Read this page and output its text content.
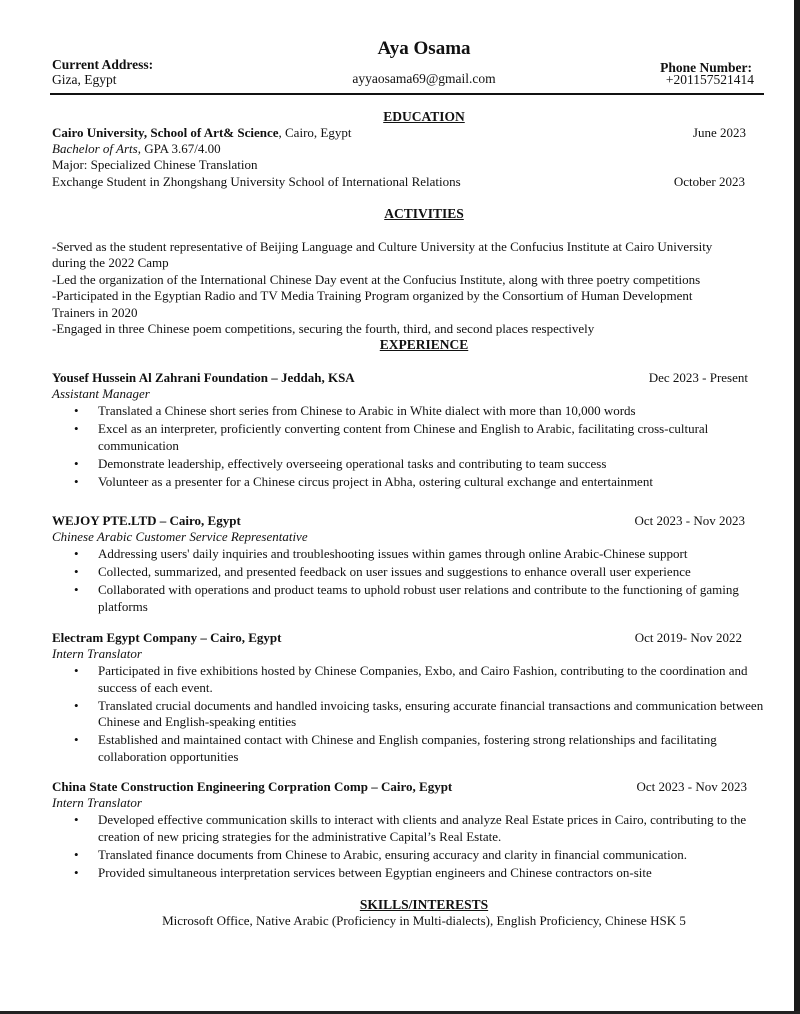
Aya Osama
Current Address:
Giza, Egypt	ayyaosama69@gmail.com
Phone Number:
+201157521414
EDUCATION
Cairo University, School of Art& Science, Cairo, Egypt	June 2023
Bachelor of Arts, GPA 3.67/4.00
Major: Specialized Chinese Translation
Exchange Student in Zhongshang University School of International Relations	October 2023
ACTIVITIES
-Served as the student representative of Beijing Language and Culture University at the Confucius Institute at Cairo University
during the 2022 Camp
-Led the organization of the International Chinese Day event at the Confucius Institute, along with three poetry competitions
-Participated in the Egyptian Radio and TV Media Training Program organized by the Consortium of Human Development
Trainers in 2020
-Engaged in three Chinese poem competitions, securing the fourth, third, and second places respectively
EXPERIENCE
Yousef Hussein Al Zahrani Foundation – Jeddah, KSA	Dec 2023 - Present
Assistant Manager
• Translated a Chinese short series from Chinese to Arabic in White dialect with more than 10,000 words
• Excel as an interpreter, proficiently converting content from Chinese and English to Arabic, facilitating cross-cultural communication
• Demonstrate leadership, effectively overseeing operational tasks and contributing to team success
• Volunteer as a presenter for a Chinese circus project in Abha, ostering cultural exchange and entertainment
WEJOY PTE.LTD – Cairo, Egypt	Oct 2023 - Nov 2023
Chinese Arabic Customer Service Representative
• Addressing users' daily inquiries and troubleshooting issues within games through online Arabic-Chinese support
• Collected, summarized, and presented feedback on user issues and suggestions to enhance overall user experience
• Collaborated with operations and product teams to uphold robust user relations and contribute to the functioning of gaming platforms
Electram Egypt Company – Cairo, Egypt	Oct 2019- Nov 2022
Intern Translator
• Participated in five exhibitions hosted by Chinese Companies, Exbo, and Cairo Fashion, contributing to the coordination and success of each event.
• Translated crucial documents and handled invoicing tasks, ensuring accurate financial transactions and communication between Chinese and English-speaking entities
• Established and maintained contact with Chinese and English companies, fostering strong relationships and facilitating collaboration opportunities
China State Construction Engineering Corpration Comp – Cairo, Egypt	Oct 2023 - Nov 2023
Intern Translator
• Developed effective communication skills to interact with clients and analyze Real Estate prices in Cairo, contributing to the creation of new pricing strategies for the administrative Capital’s Real Estate.
• Translated finance documents from Chinese to Arabic, ensuring accuracy and clarity in financial communication.
• Provided simultaneous interpretation services between Egyptian engineers and Chinese contractors on-site
SKILLS/INTERESTS
Microsoft Office, Native Arabic (Proficiency in Multi-dialects), English Proficiency, Chinese HSK 5
